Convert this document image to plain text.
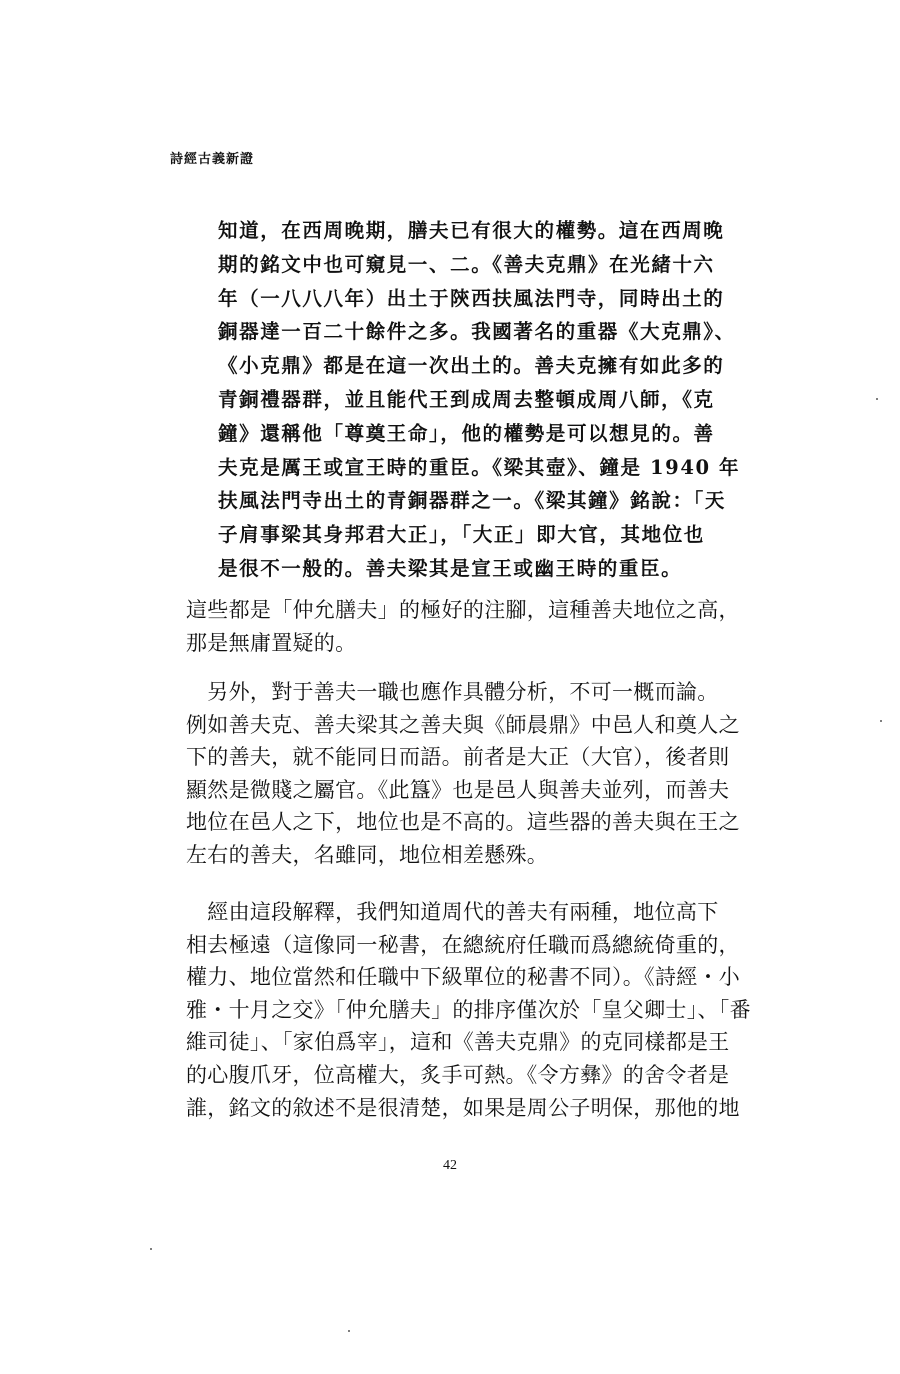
詩經古義新證
知道，在西周晚期，膳夫已有很大的權勢。這在西周晚
期的銘文中也可窺見一、二。《善夫克鼎》在光緒十六
年（一八八八年）出土于陝西扶風法門寺，同時出土的
銅器達一百二十餘件之多。我國著名的重器《大克鼎》、
《小克鼎》都是在這一次出土的。善夫克擁有如此多的
青銅禮器群，並且能代王到成周去整頓成周八師，《克
鐘》還稱他「尊奠王命」，他的權勢是可以想見的。善
夫克是厲王或宣王時的重臣。《梁其壺》、鐘是 1940 年
扶風法門寺出土的青銅器群之一。《梁其鐘》銘說：「天
子肩事梁其身邦君大正」，「大正」即大官，其地位也
是很不一般的。善夫梁其是宣王或幽王時的重臣。
這些都是「仲允膳夫」的極好的注腳，這種善夫地位之高，
那是無庸置疑的。
　另外，對于善夫一職也應作具體分析，不可一概而論。
例如善夫克、善夫梁其之善夫與《師晨鼎》中邑人和奠人之
下的善夫，就不能同日而語。前者是大正（大官），後者則
顯然是微賤之屬官。《此簋》也是邑人與善夫並列，而善夫
地位在邑人之下，地位也是不高的。這些器的善夫與在王之
左右的善夫，名雖同，地位相差懸殊。
　經由這段解釋，我們知道周代的善夫有兩種，地位高下
相去極遠（這像同一秘書，在總統府任職而爲總統倚重的，
權力、地位當然和任職中下級單位的秘書不同）。《詩經・小
雅・十月之交》「仲允膳夫」的排序僅次於「皇父卿士」、「番
維司徒」、「家伯爲宰」，這和《善夫克鼎》的克同樣都是王
的心腹爪牙，位高權大，炙手可熱。《令方彝》的舍令者是
誰，銘文的敘述不是很清楚，如果是周公子明保，那他的地
42
